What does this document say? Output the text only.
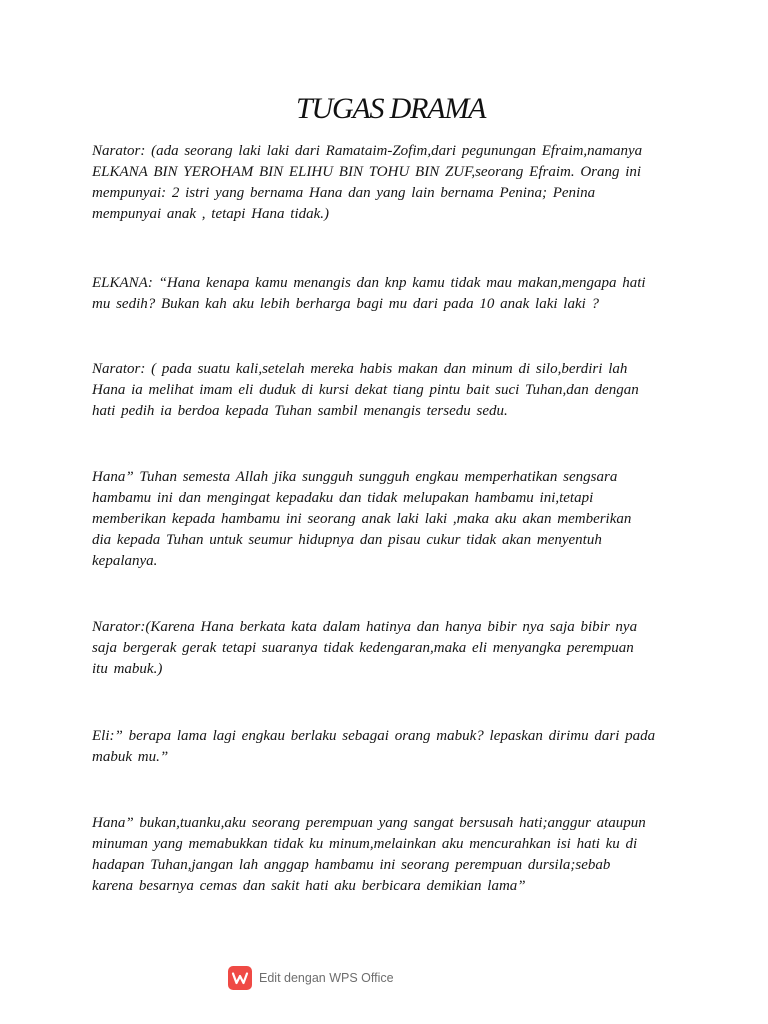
TUGAS DRAMA
Narator: (ada seorang laki laki dari Ramataim-Zofim,dari pegunungan Efraim,namanya
ELKANA BIN YEROHAM BIN ELIHU BIN TOHU BIN ZUF,seorang Efraim. Orang ini
mempunyai: 2 istri yang bernama Hana dan yang lain bernama Penina; Penina
mempunyai anak , tetapi Hana tidak.)
ELKANA: “Hana kenapa kamu menangis dan knp kamu tidak mau makan,mengapa hati
mu sedih? Bukan kah aku lebih berharga bagi mu dari pada 10 anak laki laki ?
Narator: ( pada suatu kali,setelah mereka habis makan dan minum di silo,berdiri lah
Hana ia melihat imam eli duduk di kursi dekat tiang pintu bait suci Tuhan,dan dengan
hati pedih ia berdoa kepada Tuhan sambil menangis tersedu sedu.
Hana” Tuhan semesta Allah jika sungguh sungguh engkau memperhatikan sengsara
hambamu ini dan mengingat kepadaku dan tidak melupakan hambamu ini,tetapi
memberikan kepada hambamu ini seorang anak laki laki ,maka aku akan memberikan
dia kepada Tuhan untuk seumur hidupnya dan pisau cukur tidak akan menyentuh
kepalanya.
Narator:(Karena Hana berkata kata dalam hatinya dan hanya bibir nya saja bibir nya
saja bergerak gerak tetapi suaranya tidak kedengaran,maka eli menyangka perempuan
itu mabuk.)
Eli:” berapa lama lagi engkau berlaku sebagai orang mabuk? lepaskan dirimu dari pada
mabuk mu.”
Hana” bukan,tuanku,aku seorang perempuan yang sangat bersusah hati;anggur ataupun
minuman yang memabukkan tidak ku minum,melainkan aku mencurahkan isi hati ku di
hadapan Tuhan,jangan lah anggap hambamu ini seorang perempuan dursila;sebab
karena besarnya cemas dan sakit hati aku berbicara demikian lama”
Edit dengan WPS Office
